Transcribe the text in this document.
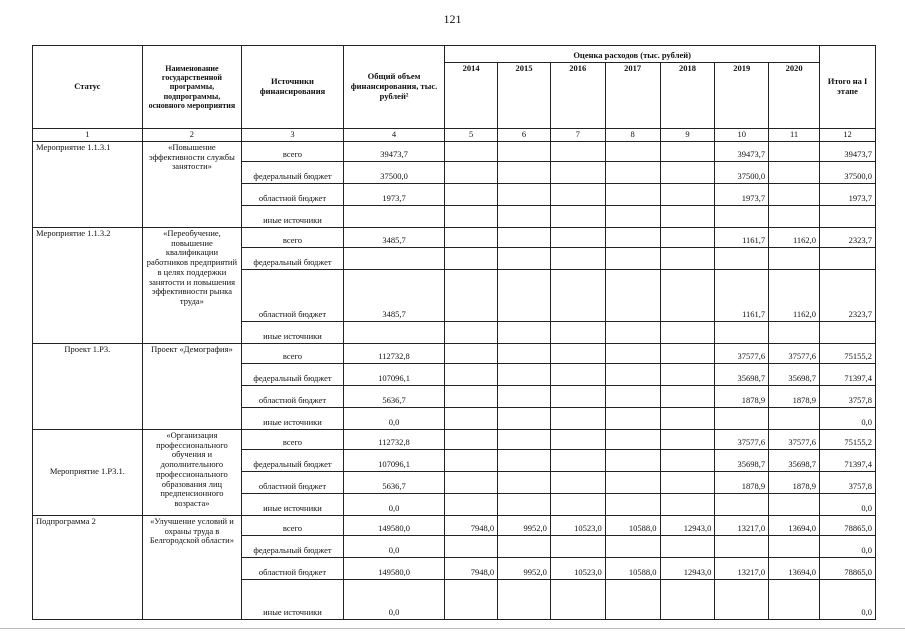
121
Статус	Наименование государственной программы, подпрограммы, основного мероприятия	Источники финансирования	Общий объем финансирования, тыс. рублей²	Оценка расходов (тыс. рублей)							Итого на I этапе
				2014	2015	2016	2017	2018	2019	2020	
1	2	3	4	5	6	7	8	9	10	11	12
Мероприятие 1.1.3.1	«Повышение эффективности службы занятости»	всего	39473,7						39473,7		39473,7
		федеральный бюджет	37500,0						37500,0		37500,0
		областной бюджет	1973,7						1973,7		1973,7
		иные источники									
Мероприятие 1.1.3.2	«Переобучение, повышение квалификации работников предприятий в целях поддержки занятости и повышения эффективности рынка труда»	всего	3485,7						1161,7	1162,0	2323,7
		федеральный бюджет									
		областной бюджет	3485,7						1161,7	1162,0	2323,7
		иные источники									
Проект 1.Р3.	Проект «Демография»	всего	112732,8						37577,6	37577,6	75155,2
		федеральный бюджет	107096,1						35698,7	35698,7	71397,4
		областной бюджет	5636,7						1878,9	1878,9	3757,8
		иные источники	0,0								0,0
Мероприятие 1.Р3.1.	«Организация профессионального обучения и дополнительного профессионального образования лиц предпенсионного возраста»	всего	112732,8						37577,6	37577,6	75155,2
		федеральный бюджет	107096,1						35698,7	35698,7	71397,4
		областной бюджет	5636,7						1878,9	1878,9	3757,8
		иные источники	0,0								0,0
Подпрограмма 2	«Улучшение условий и охраны труда в Белгородской области»	всего	149580,0	7948,0	9952,0	10523,0	10588,0	12943,0	13217,0	13694,0	78865,0
		федеральный бюджет	0,0								0,0
		областной бюджет	149580,0	7948,0	9952,0	10523,0	10588,0	12943,0	13217,0	13694,0	78865,0
		иные источники	0,0								0,0
